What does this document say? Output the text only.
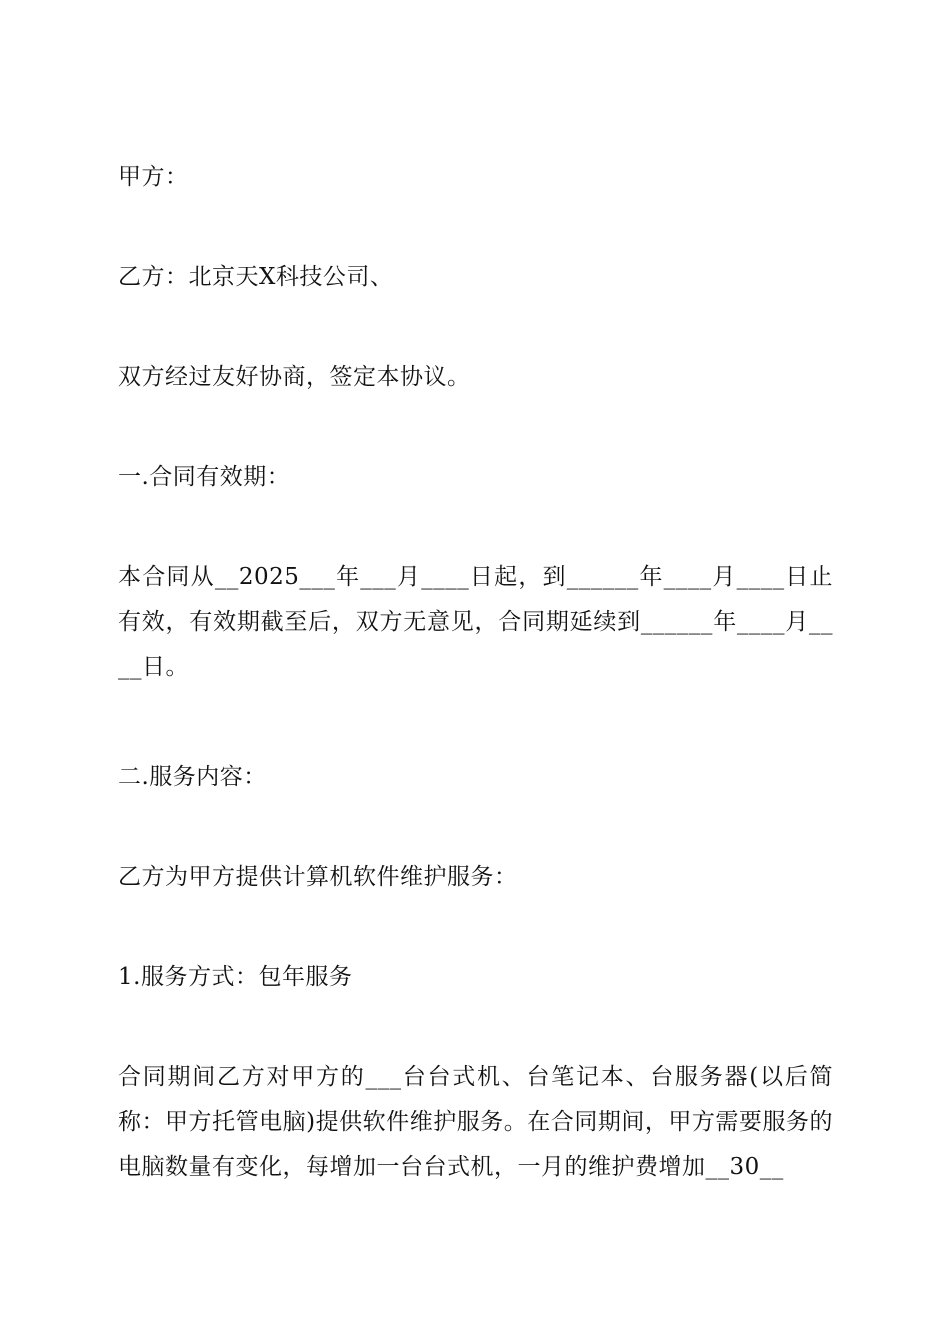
甲方：

乙方：北京天X科技公司、

双方经过友好协商，签定本协议。

一.合同有效期：

本合同从__2025___年___月____日起，到______年____月____日止有效，有效期截至后，双方无意见，合同期延续到______年____月____日。

二.服务内容：

乙方为甲方提供计算机软件维护服务：

1.服务方式：包年服务

合同期间乙方对甲方的___台台式机、台笔记本、台服务器(以后简称：甲方托管电脑)提供软件维护服务。在合同期间，甲方需要服务的电脑数量有变化，每增加一台台式机，一月的维护费增加__30__
